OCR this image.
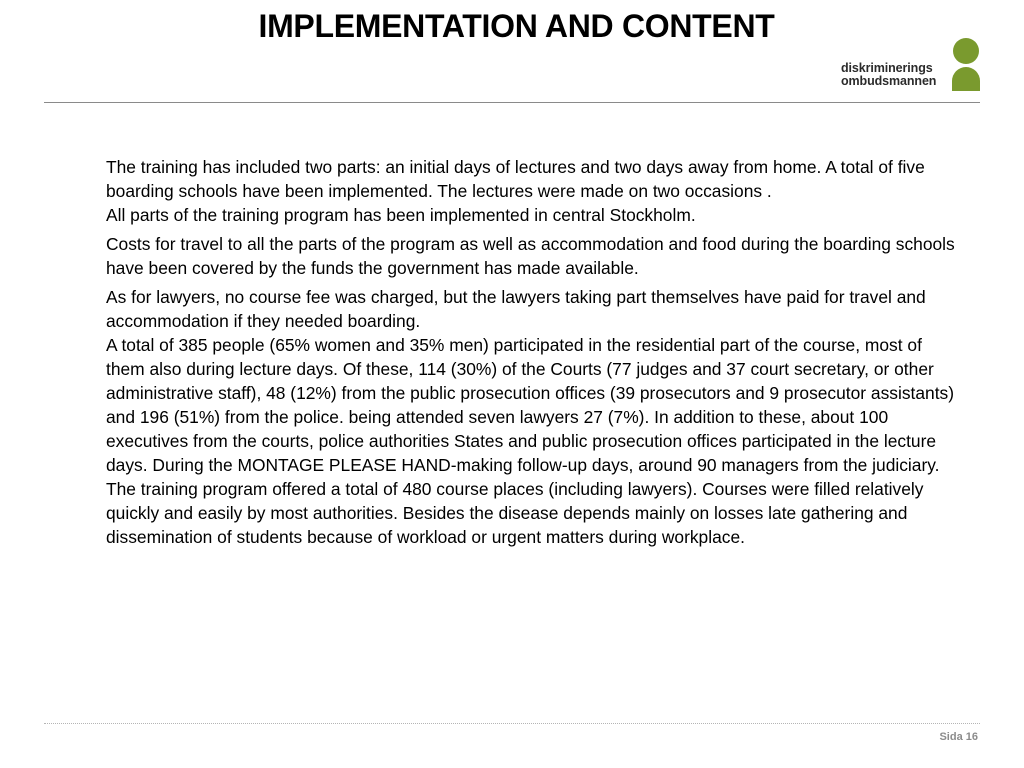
IMPLEMENTATION AND CONTENT
diskriminerings
ombudsmannen

The training has included two parts: an initial days of lectures and two days away from home. A total of five boarding schools have been implemented. The lectures were made on two occasions .
All parts of the training program has been implemented in central Stockholm.

Costs for travel to all the parts of the program as well as accommodation and food during the boarding schools have been covered by the funds the government has made available.

As for lawyers, no course fee was charged, but the lawyers taking part themselves have paid for travel and accommodation if they needed boarding.
A total of 385 people (65% women and 35% men) participated in the residential part of the course, most of them also during lecture days. Of these, 114 (30%) of the Courts (77 judges and 37 court secretary, or other administrative staff), 48 (12%) from the public prosecution offices (39 prosecutors and 9 prosecutor assistants) and 196 (51%) from the police. being attended seven lawyers 27 (7%). In addition to these, about 100 executives from the courts, police authorities States and public prosecution offices participated in the lecture days. During the MONTAGE PLEASE HAND-making follow-up days, around 90 managers from the judiciary.
The training program offered a total of 480 course places (including lawyers). Courses were filled relatively quickly and easily by most authorities. Besides the disease depends mainly on losses late gathering and dissemination of students because of workload or urgent matters during workplace.

Sida 16
